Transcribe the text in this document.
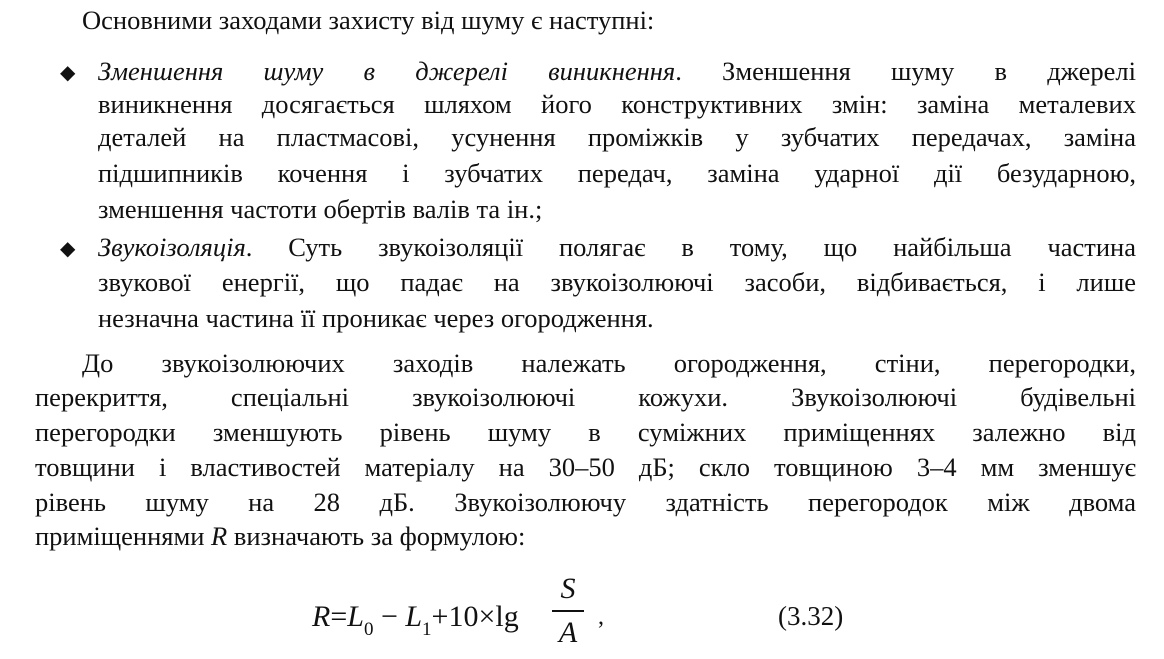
Основними заходами захисту від шуму є наступні:
◆ Зменшення шуму в джерелі виникнення. Зменшення шуму в джерелі
виникнення досягається шляхом його конструктивних змін: заміна металевих
деталей на пластмасові, усунення проміжків у зубчатих передачах, заміна
підшипників кочення і зубчатих передач, заміна ударної дії безударною,
зменшення частоти обертів валів та ін.;
◆ Звукоізоляція. Суть звукоізоляції полягає в тому, що найбільша частина
звукової енергії, що падає на звукоізолюючі засоби, відбивається, і лише
незначна частина її проникає через огородження.
До звукоізолюючих заходів належать огородження, стіни, перегородки,
перекриття, спеціальні звукоізолюючі кожухи. Звукоізолюючі будівельні
перегородки зменшують рівень шуму в суміжних приміщеннях залежно від
товщини і властивостей матеріалу на 30–50 дБ; скло товщиною 3–4 мм зменшує
рівень шуму на 28 дБ. Звукоізолюючу здатність перегородок між двома
приміщеннями R визначають за формулою:
$R=L_0 - L_1+10\times\lg$
S
A ,	(3.32)
